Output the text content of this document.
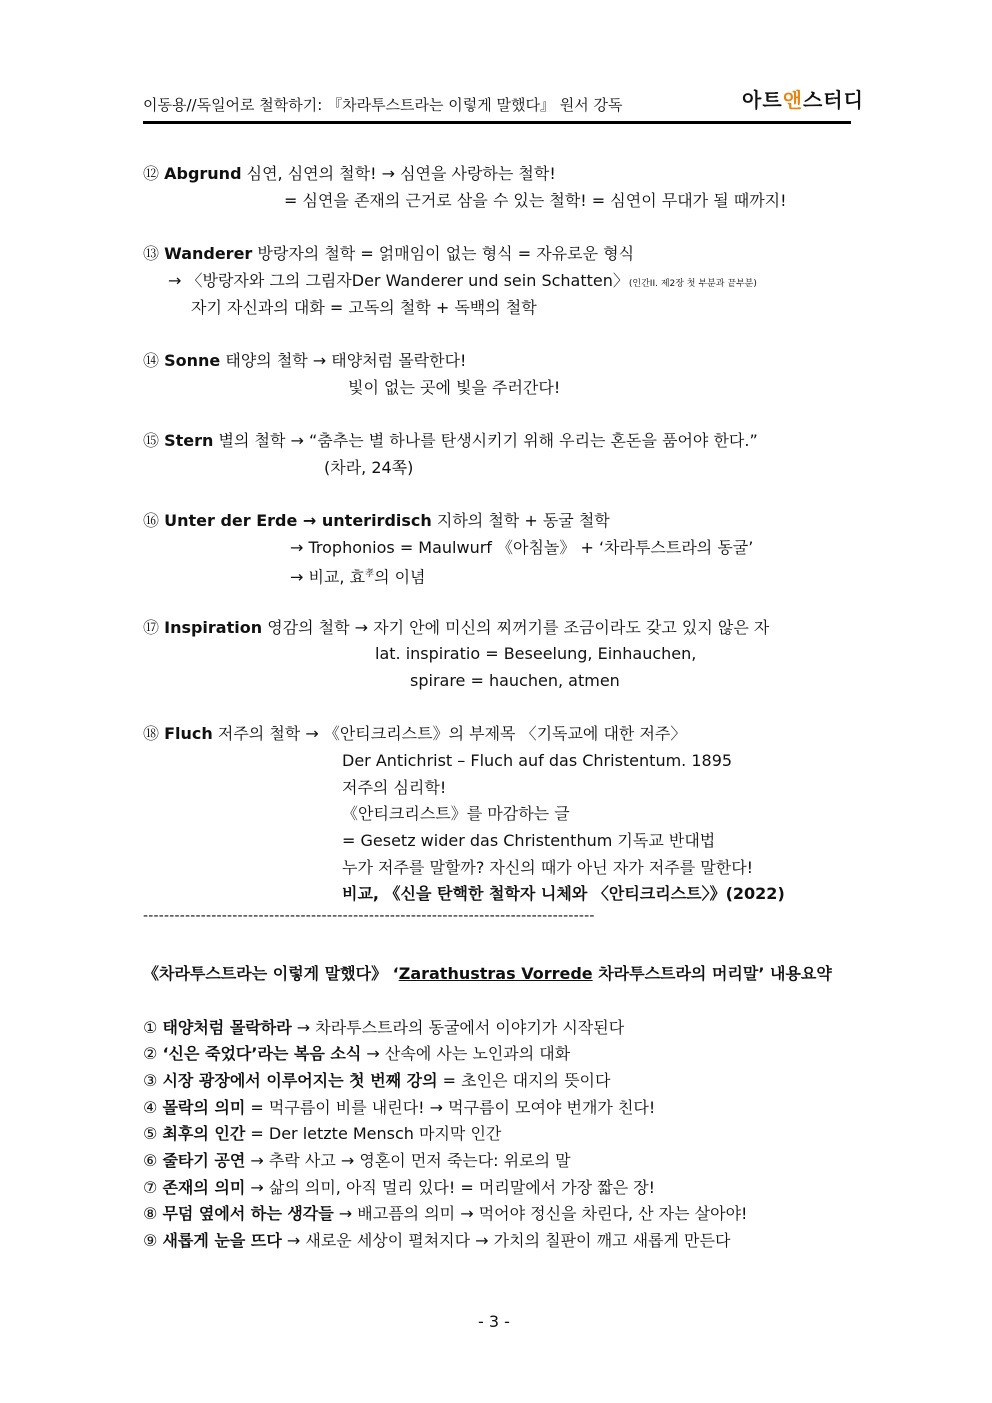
이동용//독일어로 철학하기: 『차라투스트라는 이렇게 말했다』 원서 강독	아트앤스터디
⑫ Abgrund 심연, 심연의 철학! → 심연을 사랑하는 철학!
= 심연을 존재의 근거로 삼을 수 있는 철학! = 심연이 무대가 될 때까지!
⑬ Wanderer 방랑자의 철학 = 얽매임이 없는 형식 = 자유로운 형식
→ 〈방랑자와 그의 그림자Der Wanderer und sein Schatten〉(인간II. 제2장 첫 부분과 끝부분)
자기 자신과의 대화 = 고독의 철학 + 독백의 철학
⑭ Sonne 태양의 철학 → 태양처럼 몰락한다!
빛이 없는 곳에 빛을 주러간다!
⑮ Stern 별의 철학 → “춤추는 별 하나를 탄생시키기 위해 우리는 혼돈을 품어야 한다.”
(차라, 24쪽)
⑯ Unter der Erde → unterirdisch 지하의 철학 + 동굴 철학
→ Trophonios = Maulwurf 《아침놀》 + ‘차라투스트라의 동굴’
→ 비교, 효$^孝$의 이념
⑰ Inspiration 영감의 철학 → 자기 안에 미신의 찌꺼기를 조금이라도 갖고 있지 않은 자
lat. inspiratio = Beseelung, Einhauchen,
spirare = hauchen, atmen
⑱ Fluch 저주의 철학 → 《안티크리스트》의 부제목 〈기독교에 대한 저주〉
Der Antichrist – Fluch auf das Christentum. 1895
저주의 심리학!
《안티크리스트》를 마감하는 글
= Gesetz wider das Christenthum 기독교 반대법
누가 저주를 말할까? 자신의 때가 아닌 자가 저주를 말한다!
비교, 《신을 탄핵한 철학자 니체와 〈안티크리스트〉》(2022)
--------------------------------------------------------------------------------------
《차라투스트라는 이렇게 말했다》 ‘Zarathustras Vorrede 차라투스트라의 머리말’ 내용요약
① 태양처럼 몰락하라 → 차라투스트라의 동굴에서 이야기가 시작된다
② ‘신은 죽었다’라는 복음 소식 → 산속에 사는 노인과의 대화
③ 시장 광장에서 이루어지는 첫 번째 강의 = 초인은 대지의 뜻이다
④ 몰락의 의미 = 먹구름이 비를 내린다! → 먹구름이 모여야 번개가 친다!
⑤ 최후의 인간 = Der letzte Mensch 마지막 인간
⑥ 줄타기 공연 → 추락 사고 → 영혼이 먼저 죽는다: 위로의 말
⑦ 존재의 의미 → 삶의 의미, 아직 멀리 있다! = 머리말에서 가장 짧은 장!
⑧ 무덤 옆에서 하는 생각들 → 배고픔의 의미 → 먹어야 정신을 차린다, 산 자는 살아야!
⑨ 새롭게 눈을 뜨다 → 새로운 세상이 펼쳐지다 → 가치의 칠판이 깨고 새롭게 만든다
- 3 -
